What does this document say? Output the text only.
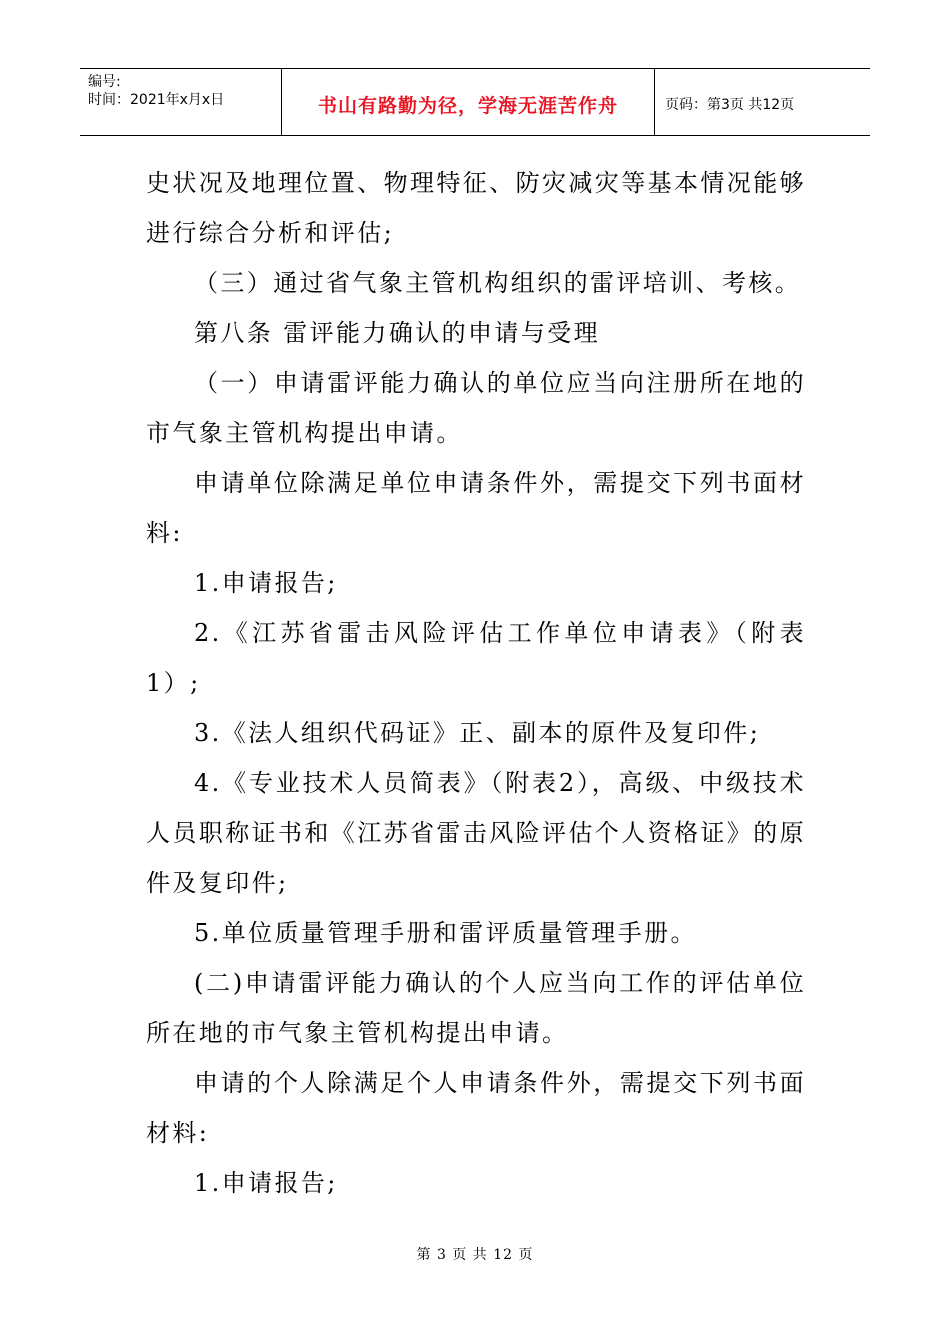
编号:
时间：2021年x月x日	书山有路勤为径，学海无涯苦作舟	页码：第3页 共12页

史状况及地理位置、物理特征、防灾减灾等基本情况能够进行综合分析和评估;

（三）通过省气象主管机构组织的雷评培训、考核。

第八条 雷评能力确认的申请与受理

（一）申请雷评能力确认的单位应当向注册所在地的市气象主管机构提出申请。

申请单位除满足单位申请条件外，需提交下列书面材料:

1.申请报告;

2.《江苏省雷击风险评估工作单位申请表》（附表1）;

3.《法人组织代码证》正、副本的原件及复印件;

4.《专业技术人员简表》（附表2），高级、中级技术人员职称证书和《江苏省雷击风险评估个人资格证》的原件及复印件;

5.单位质量管理手册和雷评质量管理手册。

(二)申请雷评能力确认的个人应当向工作的评估单位所在地的市气象主管机构提出申请。

申请的个人除满足个人申请条件外，需提交下列书面材料:

1.申请报告;

第 3 页 共 12 页
